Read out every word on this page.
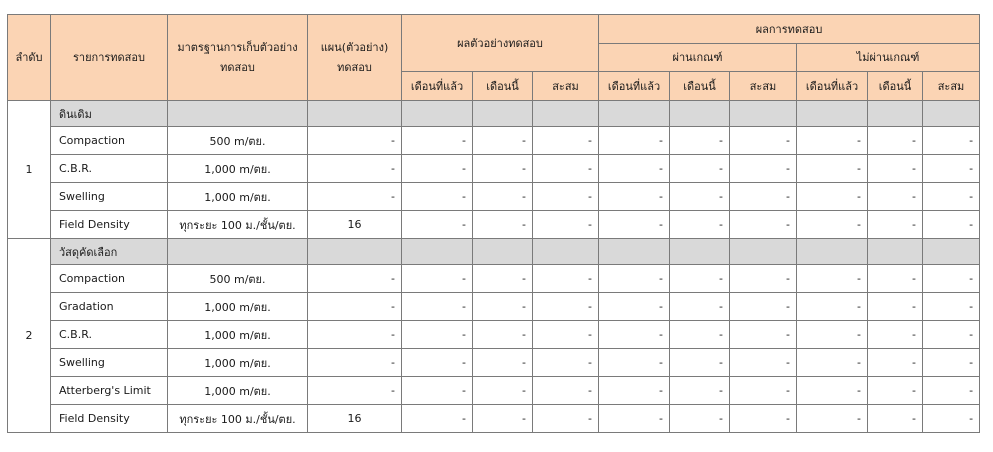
ลำดับ	รายการทดสอบ	มาตรฐานการเก็บตัวอย่างทดสอบ	แผน(ตัวอย่าง) ทดสอบ	ผลตัวอย่างทดสอบ			ผลการทดสอบ					
							ผ่านเกณฑ์			ไม่ผ่านเกณฑ์		
				เดือนที่แล้ว	เดือนนี้	สะสม	เดือนที่แล้ว	เดือนนี้	สะสม	เดือนที่แล้ว	เดือนนี้	สะสม
1	ดินเดิม											
	Compaction	500 m/ตย.	-	-	-	-	-	-	-	-	-	-
	C.B.R.	1,000 m/ตย.	-	-	-	-	-	-	-	-	-	-
	Swelling	1,000 m/ตย.	-	-	-	-	-	-	-	-	-	-
	Field Density	ทุกระยะ 100 ม./ชั้น/ตย.	16	-	-	-	-	-	-	-	-	-
2	วัสดุคัดเลือก											
	Compaction	500 m/ตย.	-	-	-	-	-	-	-	-	-	-
	Gradation	1,000 m/ตย.	-	-	-	-	-	-	-	-	-	-
	C.B.R.	1,000 m/ตย.	-	-	-	-	-	-	-	-	-	-
	Swelling	1,000 m/ตย.	-	-	-	-	-	-	-	-	-	-
	Atterberg's Limit	1,000 m/ตย.	-	-	-	-	-	-	-	-	-	-
	Field Density	ทุกระยะ 100 ม./ชั้น/ตย.	16	-	-	-	-	-	-	-	-	-
